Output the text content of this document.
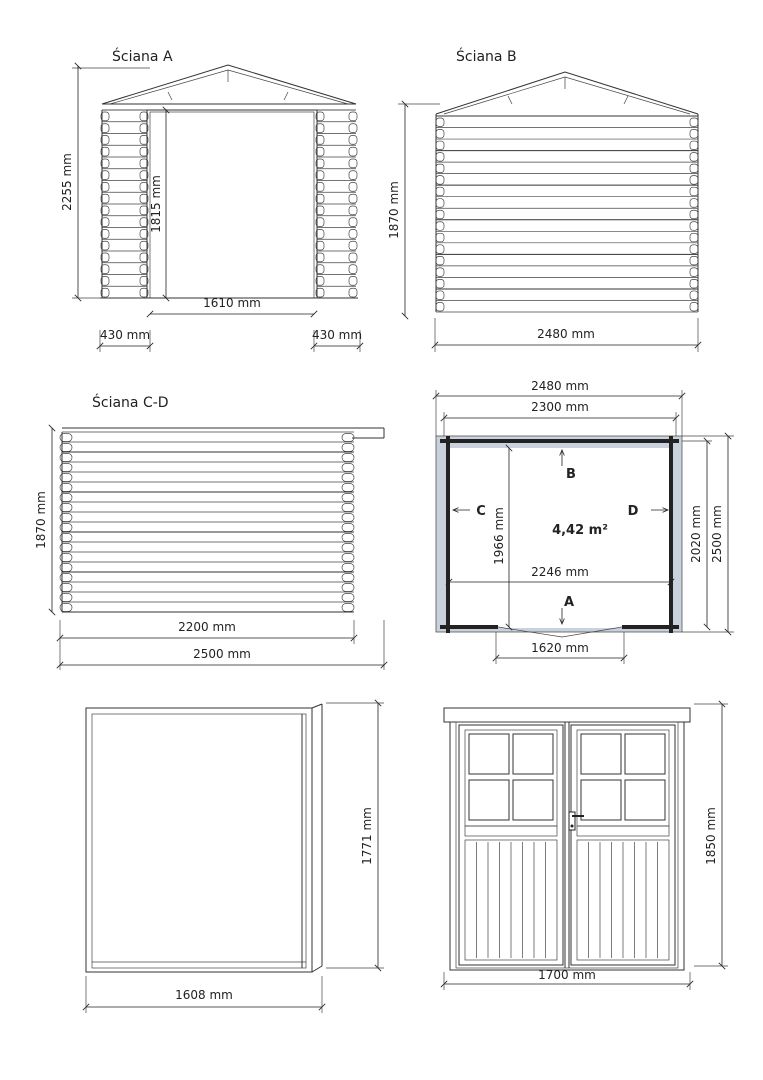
Ściana A
2255 mm	1815 mm
1610 mm
430 mm	430 mm
Ściana B
1870 mm
2480 mm
Ściana C-D
1870 mm
2200 mm
2500 mm
2480 mm
2300 mm
2020 mm 2500 mm
1966 mm
2246 mm
4,42 m²
1620 mm
B
A
C	D
1771 mm
1608 mm
1850 mm
1700 mm
